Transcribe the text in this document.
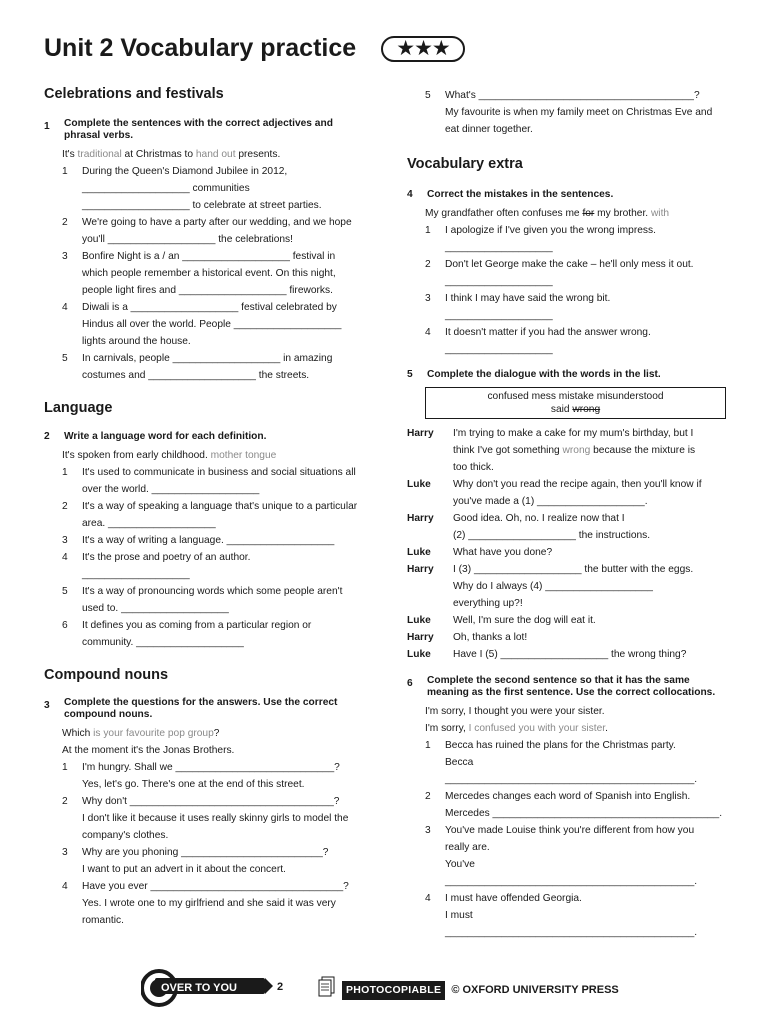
Unit 2 Vocabulary practice	★★★
Celebrations and festivals
1	Complete the sentences with the correct adjectives and phrasal verbs.
It's traditional at Christmas to hand out presents.
1	During the Queen's Diamond Jubilee in 2012,
___________________ communities
___________________ to celebrate at street parties.
2	We're going to have a party after our wedding, and we hope
you'll ___________________ the celebrations!
3	Bonfire Night is a / an ___________________ festival in
which people remember a historical event. On this night,
people light fires and ___________________ fireworks.
4	Diwali is a ___________________ festival celebrated by
Hindus all over the world. People ___________________
lights around the house.
5	In carnivals, people ___________________ in amazing
costumes and ___________________ the streets.
Language
2	Write a language word for each definition.
It's spoken from early childhood. mother tongue
1	It's used to communicate in business and social situations all
over the world. ___________________
2	It's a way of speaking a language that's unique to a particular
area. ___________________
3	It's a way of writing a language. ___________________
4	It's the prose and poetry of an author.
___________________
5	It's a way of pronouncing words which some people aren't
used to. ___________________
6	It defines you as coming from a particular region or
community. ___________________
Compound nouns
3	Complete the questions for the answers. Use the correct compound nouns.
Which is your favourite pop group?
At the moment it's the Jonas Brothers.
1	I'm hungry. Shall we ____________________________?
Yes, let's go. There's one at the end of this street.
2	Why don't ____________________________________?
I don't like it because it uses really skinny girls to model the
company's clothes.
3	Why are you phoning _________________________?
I want to put an advert in it about the concert.
4	Have you ever __________________________________?
Yes. I wrote one to my girlfriend and she said it was very
romantic.
5	What's ______________________________________?
My favourite is when my family meet on Christmas Eve and
eat dinner together.
Vocabulary extra
4	Correct the mistakes in the sentences.
My grandfather often confuses me for my brother. with
1	I apologize if I've given you the wrong impress.
___________________
2	Don't let George make the cake – he'll only mess it out.
___________________
3	I think I may have said the wrong bit.
___________________
4	It doesn't matter if you had the answer wrong.
___________________
5	Complete the dialogue with the words in the list.
confused mess mistake misunderstood
said wrong
Harry	I'm trying to make a cake for my mum's birthday, but I
think I've got something wrong because the mixture is
too thick.
Luke	Why don't you read the recipe again, then you'll know if
you've made a (1) ___________________.
Harry	Good idea. Oh, no. I realize now that I
(2) ___________________ the instructions.
Luke	What have you done?
Harry	I (3) ___________________ the butter with the eggs.
Why do I always (4) ___________________
everything up?!
Luke	Well, I'm sure the dog will eat it.
Harry	Oh, thanks a lot!
Luke	Have I (5) ___________________ the wrong thing?
6	Complete the second sentence so that it has the same meaning as the first sentence. Use the correct collocations.
I'm sorry, I thought you were your sister.
I'm sorry, I confused you with your sister.
1	Becca has ruined the plans for the Christmas party.
Becca ____________________________________________.
2	Mercedes changes each word of Spanish into English.
Mercedes ________________________________________.
3	You've made Louise think you're different from how you
really are.
You've ____________________________________________.
4	I must have offended Georgia.
I must ____________________________________________.
OVER TO YOU	2	PHOTOCOPIABLE © OXFORD UNIVERSITY PRESS
